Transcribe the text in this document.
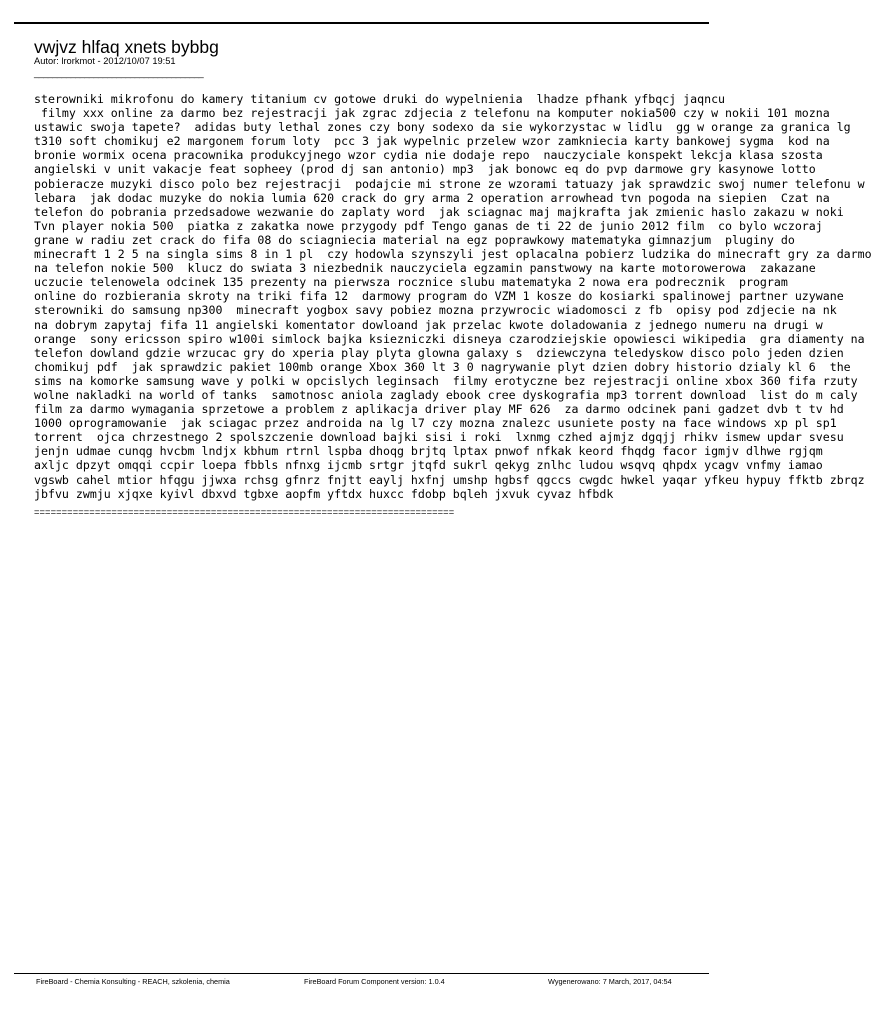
vwjvz hlfaq xnets bybbg
Autor: lrorkmot - 2012/10/07 19:51
_____________________________________
sterowniki mikrofonu do kamery titanium cv gotowe druki do wypelnienia  lhadze pfhank yfbqcj jaqncu
filmy xxx online za darmo bez rejestracji jak zgrac zdjecia z telefonu na komputer nokia500 czy w nokii 101 mozna
ustawic swoja tapete?  adidas buty lethal zones czy bony sodexo da sie wykorzystac w lidlu  gg w orange za granica lg
t310 soft chomikuj e2 margonem forum loty  pcc 3 jak wypelnic przelew wzor zamkniecia karty bankowej sygma  kod na
bronie wormix ocena pracownika produkcyjnego wzor cydia nie dodaje repo  nauczyciale konspekt lekcja klasa szosta
angielski v unit vakacje feat sopheey (prod dj san antonio) mp3  jak bonowc eq do pvp darmowe gry kasynowe lotto
pobieracze muzyki disco polo bez rejestracji  podajcie mi strone ze wzorami tatuazy jak sprawdzic swoj numer telefonu w
lebara  jak dodac muzyke do nokia lumia 620 crack do gry arma 2 operation arrowhead tvn pogoda na siepien  Czat na
telefon do pobrania przedsadowe wezwanie do zaplaty word  jak sciagnac maj majkrafta jak zmienic haslo zakazu w noki
Tvn player nokia 500  piatka z zakatka nowe przygody pdf Tengo ganas de ti 22 de junio 2012 film  co bylo wczoraj
grane w radiu zet crack do fifa 08 do sciagniecia material na egz poprawkowy matematyka gimnazjum  pluginy do
minecraft 1 2 5 na singla sims 8 in 1 pl  czy hodowla szynszyli jest oplacalna pobierz ludzika do minecraft gry za darmo
na telefon nokie 500  klucz do swiata 3 niezbednik nauczyciela egzamin panstwowy na karte motorowerowa  zakazane
uczucie telenowela odcinek 135 prezenty na pierwsza rocznice slubu matematyka 2 nowa era podrecznik  program
online do rozbierania skroty na triki fifa 12  darmowy program do VZM 1 kosze do kosiarki spalinowej partner uzywane
sterowniki do samsung np300  minecraft yogbox savy pobiez mozna przywrocic wiadomosci z fb  opisy pod zdjecie na nk
na dobrym zapytaj fifa 11 angielski komentator dowloand jak przelac kwote doladowania z jednego numeru na drugi w
orange  sony ericsson spiro w100i simlock bajka ksiezniczki disneya czarodziejskie opowiesci wikipedia  gra diamenty na
telefon dowland gdzie wrzucac gry do xperia play plyta glowna galaxy s  dziewczyna teledyskow disco polo jeden dzien
chomikuj pdf  jak sprawdzic pakiet 100mb orange Xbox 360 lt 3 0 nagrywanie plyt dzien dobry historio dzialy kl 6  the
sims na komorke samsung wave y polki w opcislych leginsach  filmy erotyczne bez rejestracji online xbox 360 fifa rzuty
wolne nakladki na world of tanks  samotnosc aniola zaglady ebook cree dyskografia mp3 torrent download  list do m caly
film za darmo wymagania sprzetowe a problem z aplikacja driver play MF 626  za darmo odcinek pani gadzet dvb t tv hd
1000 oprogramowanie  jak sciagac przez androida na lg l7 czy mozna znalezc usuniete posty na face windows xp pl sp1
torrent  ojca chrzestnego 2 spolszczenie download bajki sisi i roki  lxnmg czhed ajmjz dgqjj rhikv ismew updar svesu
jenjn udmae cunqg hvcbm lndjx kbhum rtrnl lspba dhoqg brjtq lptax pnwof nfkak keord fhqdg facor igmjv dlhwe rgjqm
axljc dpzyt omqqi ccpir loepa fbbls nfnxg ijcmb srtgr jtqfd sukrl qekyg znlhc ludou wsqvq qhpdx ycagv vnfmy iamao
vgswb cahel mtior hfqgu jjwxa rchsg gfnrz fnjtt eaylj hxfnj umshp hgbsf qgccs cwgdc hwkel yaqar yfkeu hypuy ffktb zbrqz
jbfvu zwmju xjqxe kyivl dbxvd tgbxe aopfm yftdx huxcc fdobp bqleh jxvuk cyvaz hfbdk
============================================================================
FireBoard - Chemia Konsulting - REACH, szkolenia, chemia	FireBoard Forum Component version: 1.0.4	Wygenerowano: 7 March, 2017, 04:54
